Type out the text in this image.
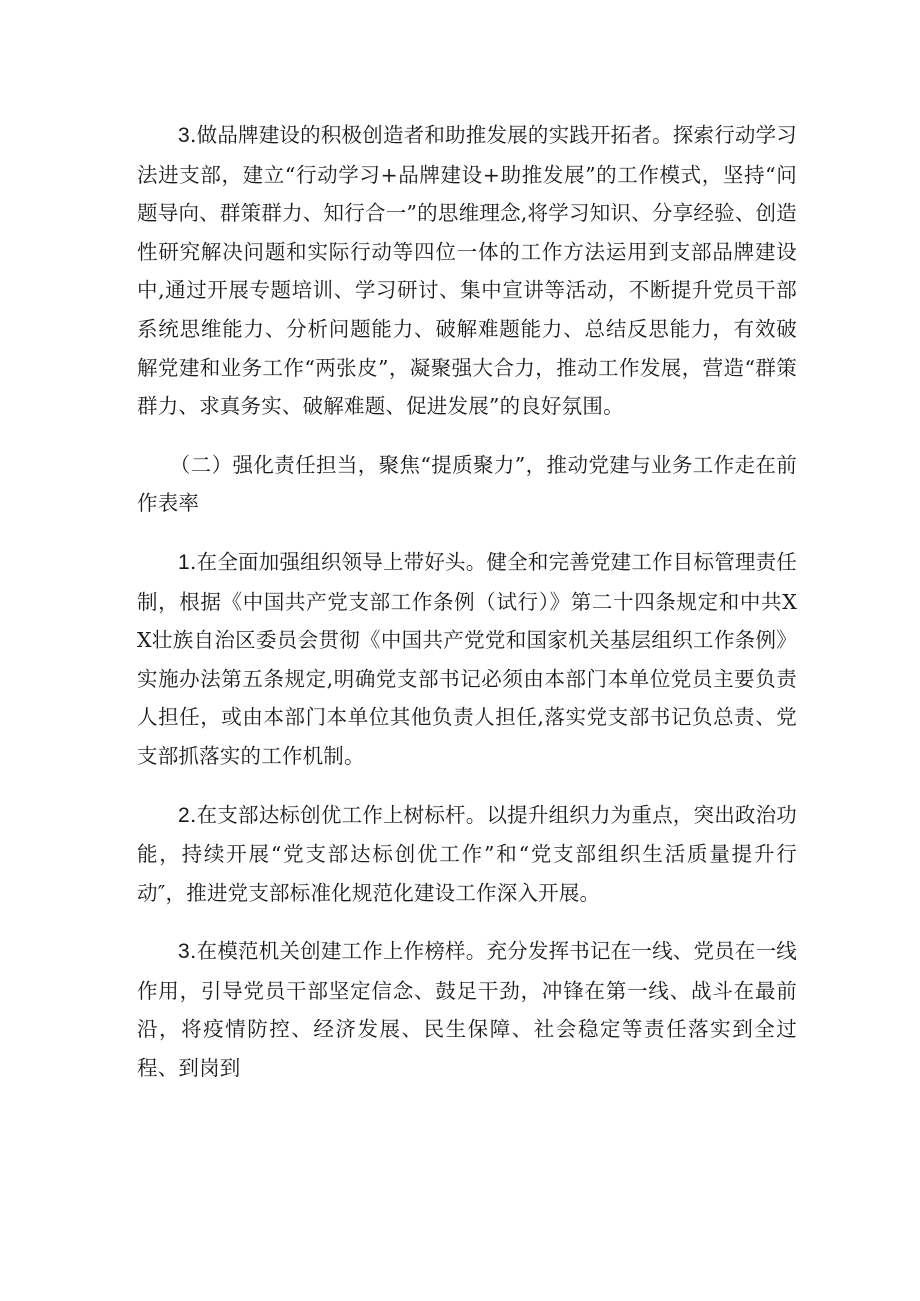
3.做品牌建设的积极创造者和助推发展的实践开拓者。探索行动学习法进支部，建立“行动学习+品牌建设+助推发展”的工作模式，坚持“问题导向、群策群力、知行合一”的思维理念,将学习知识、分享经验、创造性研究解决问题和实际行动等四位一体的工作方法运用到支部品牌建设中,通过开展专题培训、学习研讨、集中宣讲等活动，不断提升党员干部系统思维能力、分析问题能力、破解难题能力、总结反思能力，有效破解党建和业务工作“两张皮”，凝聚强大合力，推动工作发展，营造“群策群力、求真务实、破解难题、促进发展”的良好氛围。

（二）强化责任担当，聚焦“提质聚力”，推动党建与业务工作走在前作表率

1.在全面加强组织领导上带好头。健全和完善党建工作目标管理责任制，根据《中国共产党支部工作条例（试行）》第二十四条规定和中共XX壮族自治区委员会贯彻《中国共产党党和国家机关基层组织工作条例》实施办法第五条规定,明确党支部书记必须由本部门本单位党员主要负责人担任，或由本部门本单位其他负责人担任,落实党支部书记负总责、党支部抓落实的工作机制。

2.在支部达标创优工作上树标杆。以提升组织力为重点，突出政治功能，持续开展“党支部达标创优工作”和“党支部组织生活质量提升行动″，推进党支部标准化规范化建设工作深入开展。

3.在模范机关创建工作上作榜样。充分发挥书记在一线、党员在一线作用，引导党员干部坚定信念、鼓足干劲，冲锋在第一线、战斗在最前沿，将疫情防控、经济发展、民生保障、社会稳定等责任落实到全过程、到岗到
